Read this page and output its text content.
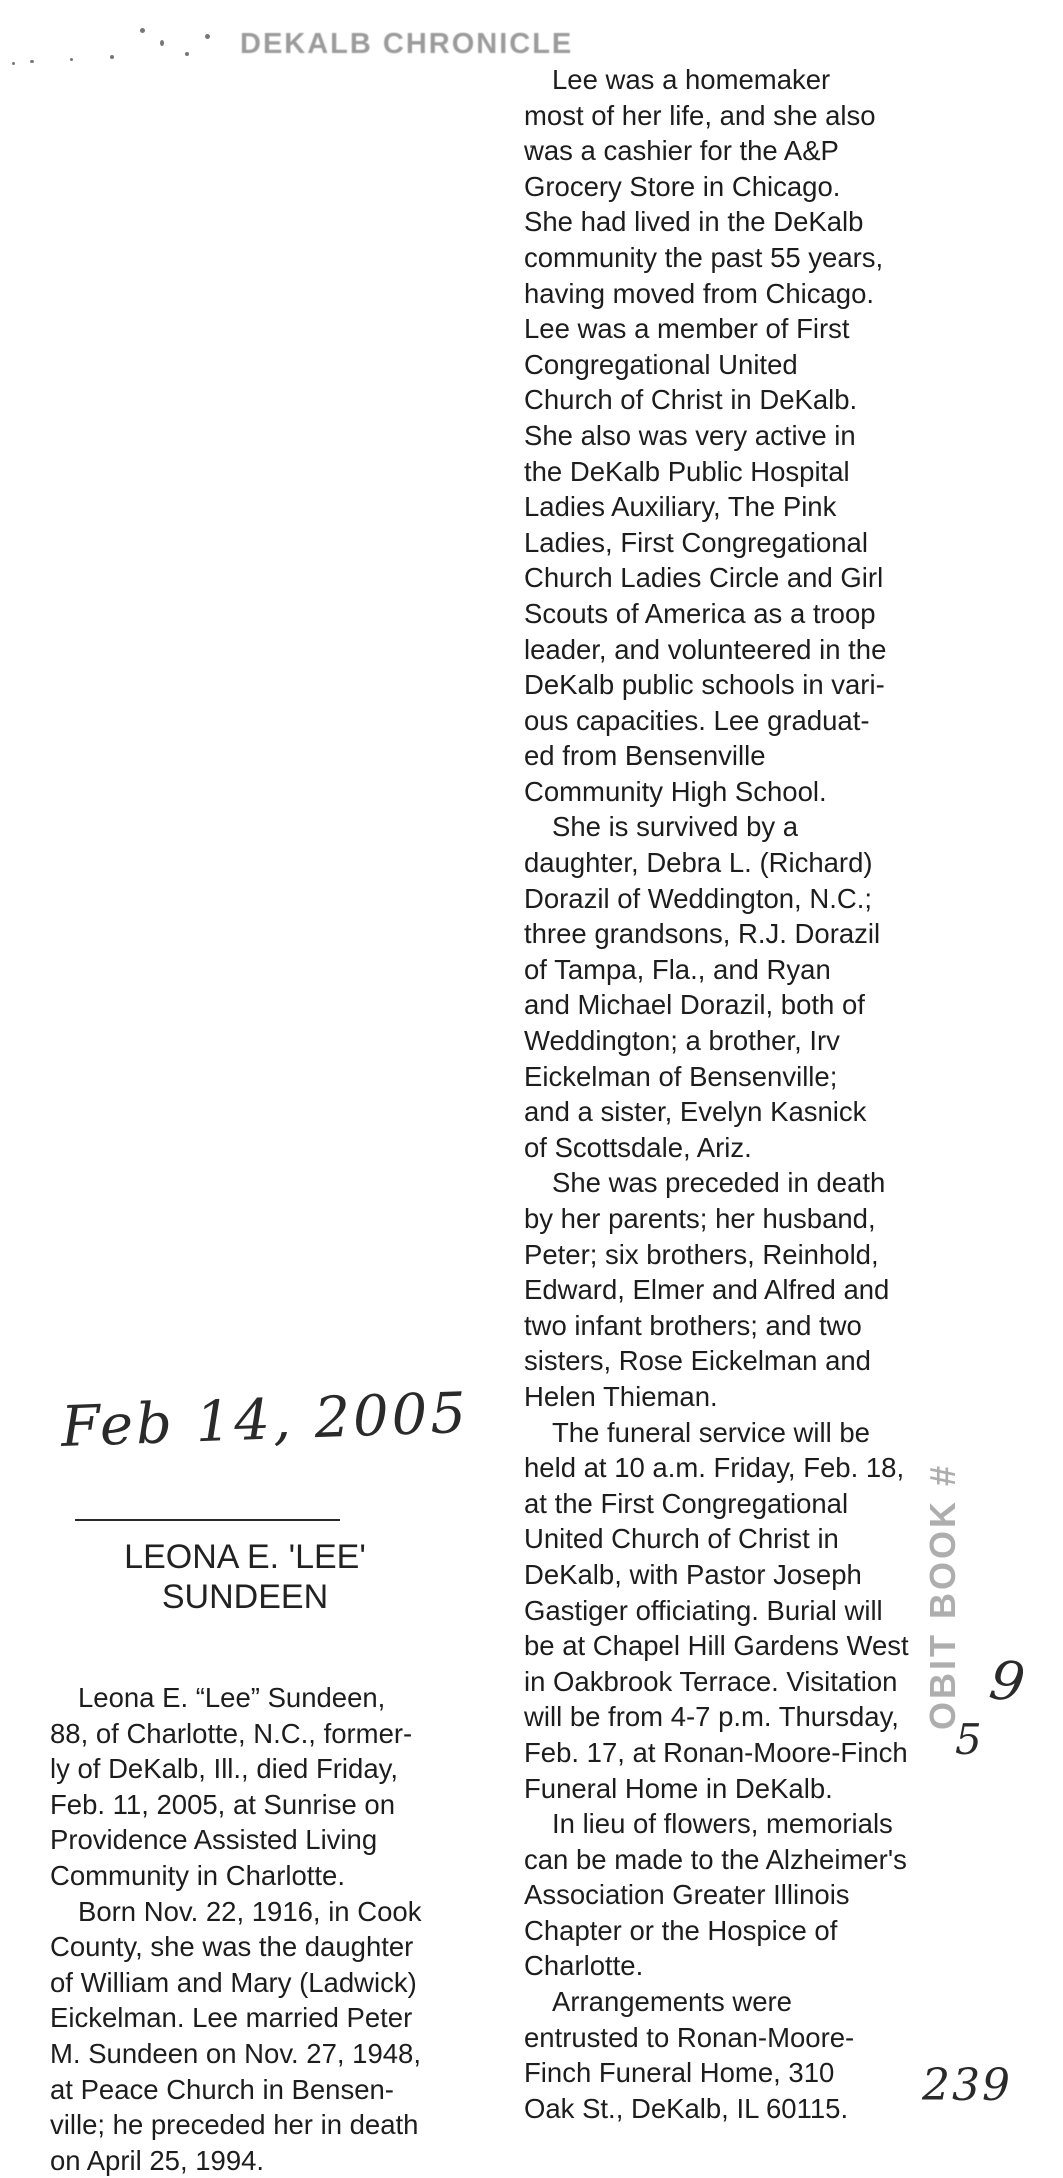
DEKALB CHRONICLE
Lee was a homemaker
most of her life, and she also
was a cashier for the A&P
Grocery Store in Chicago.
She had lived in the DeKalb
community the past 55 years,
having moved from Chicago.
Lee was a member of First
Congregational United
Church of Christ in DeKalb.
She also was very active in
the DeKalb Public Hospital
Ladies Auxiliary, The Pink
Ladies, First Congregational
Church Ladies Circle and Girl
Scouts of America as a troop
leader, and volunteered in the
DeKalb public schools in vari-
ous capacities. Lee graduat-
ed from Bensenville
Community High School.
She is survived by a
daughter, Debra L. (Richard)
Dorazil of Weddington, N.C.;
three grandsons, R.J. Dorazil
of Tampa, Fla., and Ryan
and Michael Dorazil, both of
Weddington; a brother, Irv
Eickelman of Bensenville;
and a sister, Evelyn Kasnick
of Scottsdale, Ariz.
She was preceded in death
by her parents; her husband,
Peter; six brothers, Reinhold,
Edward, Elmer and Alfred and
two infant brothers; and two
sisters, Rose Eickelman and
Helen Thieman.
The funeral service will be
held at 10 a.m. Friday, Feb. 18,
at the First Congregational
United Church of Christ in
DeKalb, with Pastor Joseph
Gastiger officiating. Burial will
be at Chapel Hill Gardens West
in Oakbrook Terrace. Visitation
will be from 4-7 p.m. Thursday,
Feb. 17, at Ronan-Moore-Finch
Funeral Home in DeKalb.
In lieu of flowers, memorials
can be made to the Alzheimer's
Association Greater Illinois
Chapter or the Hospice of
Charlotte.
Arrangements were
entrusted to Ronan-Moore-
Finch Funeral Home, 310
Oak St., DeKalb, IL 60115.
Feb 14, 2005
LEONA E. 'LEE'
SUNDEEN
Leona E. “Lee” Sundeen,
88, of Charlotte, N.C., former-
ly of DeKalb, Ill., died Friday,
Feb. 11, 2005, at Sunrise on
Providence Assisted Living
Community in Charlotte.
Born Nov. 22, 1916, in Cook
County, she was the daughter
of William and Mary (Ladwick)
Eickelman. Lee married Peter
M. Sundeen on Nov. 27, 1948,
at Peace Church in Bensen-
ville; he preceded her in death
on April 25, 1994.
OBIT BOOK # 9
5
239
